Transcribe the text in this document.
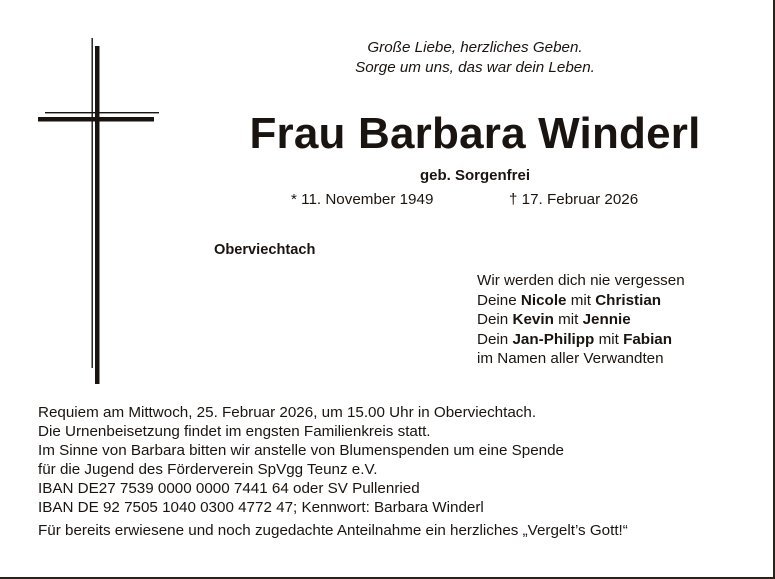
Große Liebe, herzliches Geben.
Sorge um uns, das war dein Leben.
Frau Barbara Winderl
geb. Sorgenfrei
* 11. November 1949	† 17. Februar 2026
Oberviechtach
Wir werden dich nie vergessen
Deine Nicole mit Christian
Dein Kevin mit Jennie
Dein Jan-Philipp mit Fabian
im Namen aller Verwandten
Requiem am Mittwoch, 25. Februar 2026, um 15.00 Uhr in Oberviechtach.
Die Urnenbeisetzung findet im engsten Familienkreis statt.
Im Sinne von Barbara bitten wir anstelle von Blumenspenden um eine Spende
für die Jugend des Förderverein SpVgg Teunz e.V.
IBAN DE27 7539 0000 0000 7441 64 oder SV Pullenried
IBAN DE 92 7505 1040 0300 4772 47; Kennwort: Barbara Winderl
Für bereits erwiesene und noch zugedachte Anteilnahme ein herzliches „Vergelt’s Gott!“
